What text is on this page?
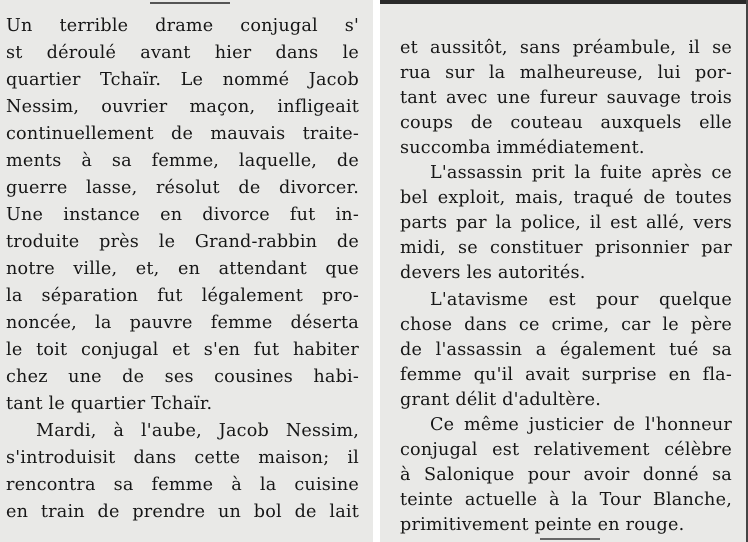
Un terrible drame conjugal s'
st déroulé avant hier dans le
quartier Tchaïr. Le nommé Jacob
Nessim, ouvrier maçon, infligeait
continuellement de mauvais traite-
ments à sa femme, laquelle, de
guerre lasse, résolut de divorcer.
Une instance en divorce fut in-
troduite près le Grand-rabbin de
notre ville, et, en attendant que
la séparation fut légalement pro-
noncée, la pauvre femme déserta
le toit conjugal et s'en fut habiter
chez une de ses cousines habi-
tant le quartier Tchaïr.
Mardi, à l'aube, Jacob Nessim,
s'introduisit dans cette maison; il
rencontra sa femme à la cuisine
en train de prendre un bol de lait
et aussitôt, sans préambule, il se
rua sur la malheureuse, lui por-
tant avec une fureur sauvage trois
coups de couteau auxquels elle
succomba immédiatement.
L'assassin prit la fuite après ce
bel exploit, mais, traqué de toutes
parts par la police, il est allé, vers
midi, se constituer prisonnier par
devers les autorités.
L'atavisme est pour quelque
chose dans ce crime, car le père
de l'assassin a également tué sa
femme qu'il avait surprise en fla-
grant délit d'adultère.
Ce même justicier de l'honneur
conjugal est relativement célèbre
à Salonique pour avoir donné sa
teinte actuelle à la Tour Blanche,
primitivement peinte en rouge.
